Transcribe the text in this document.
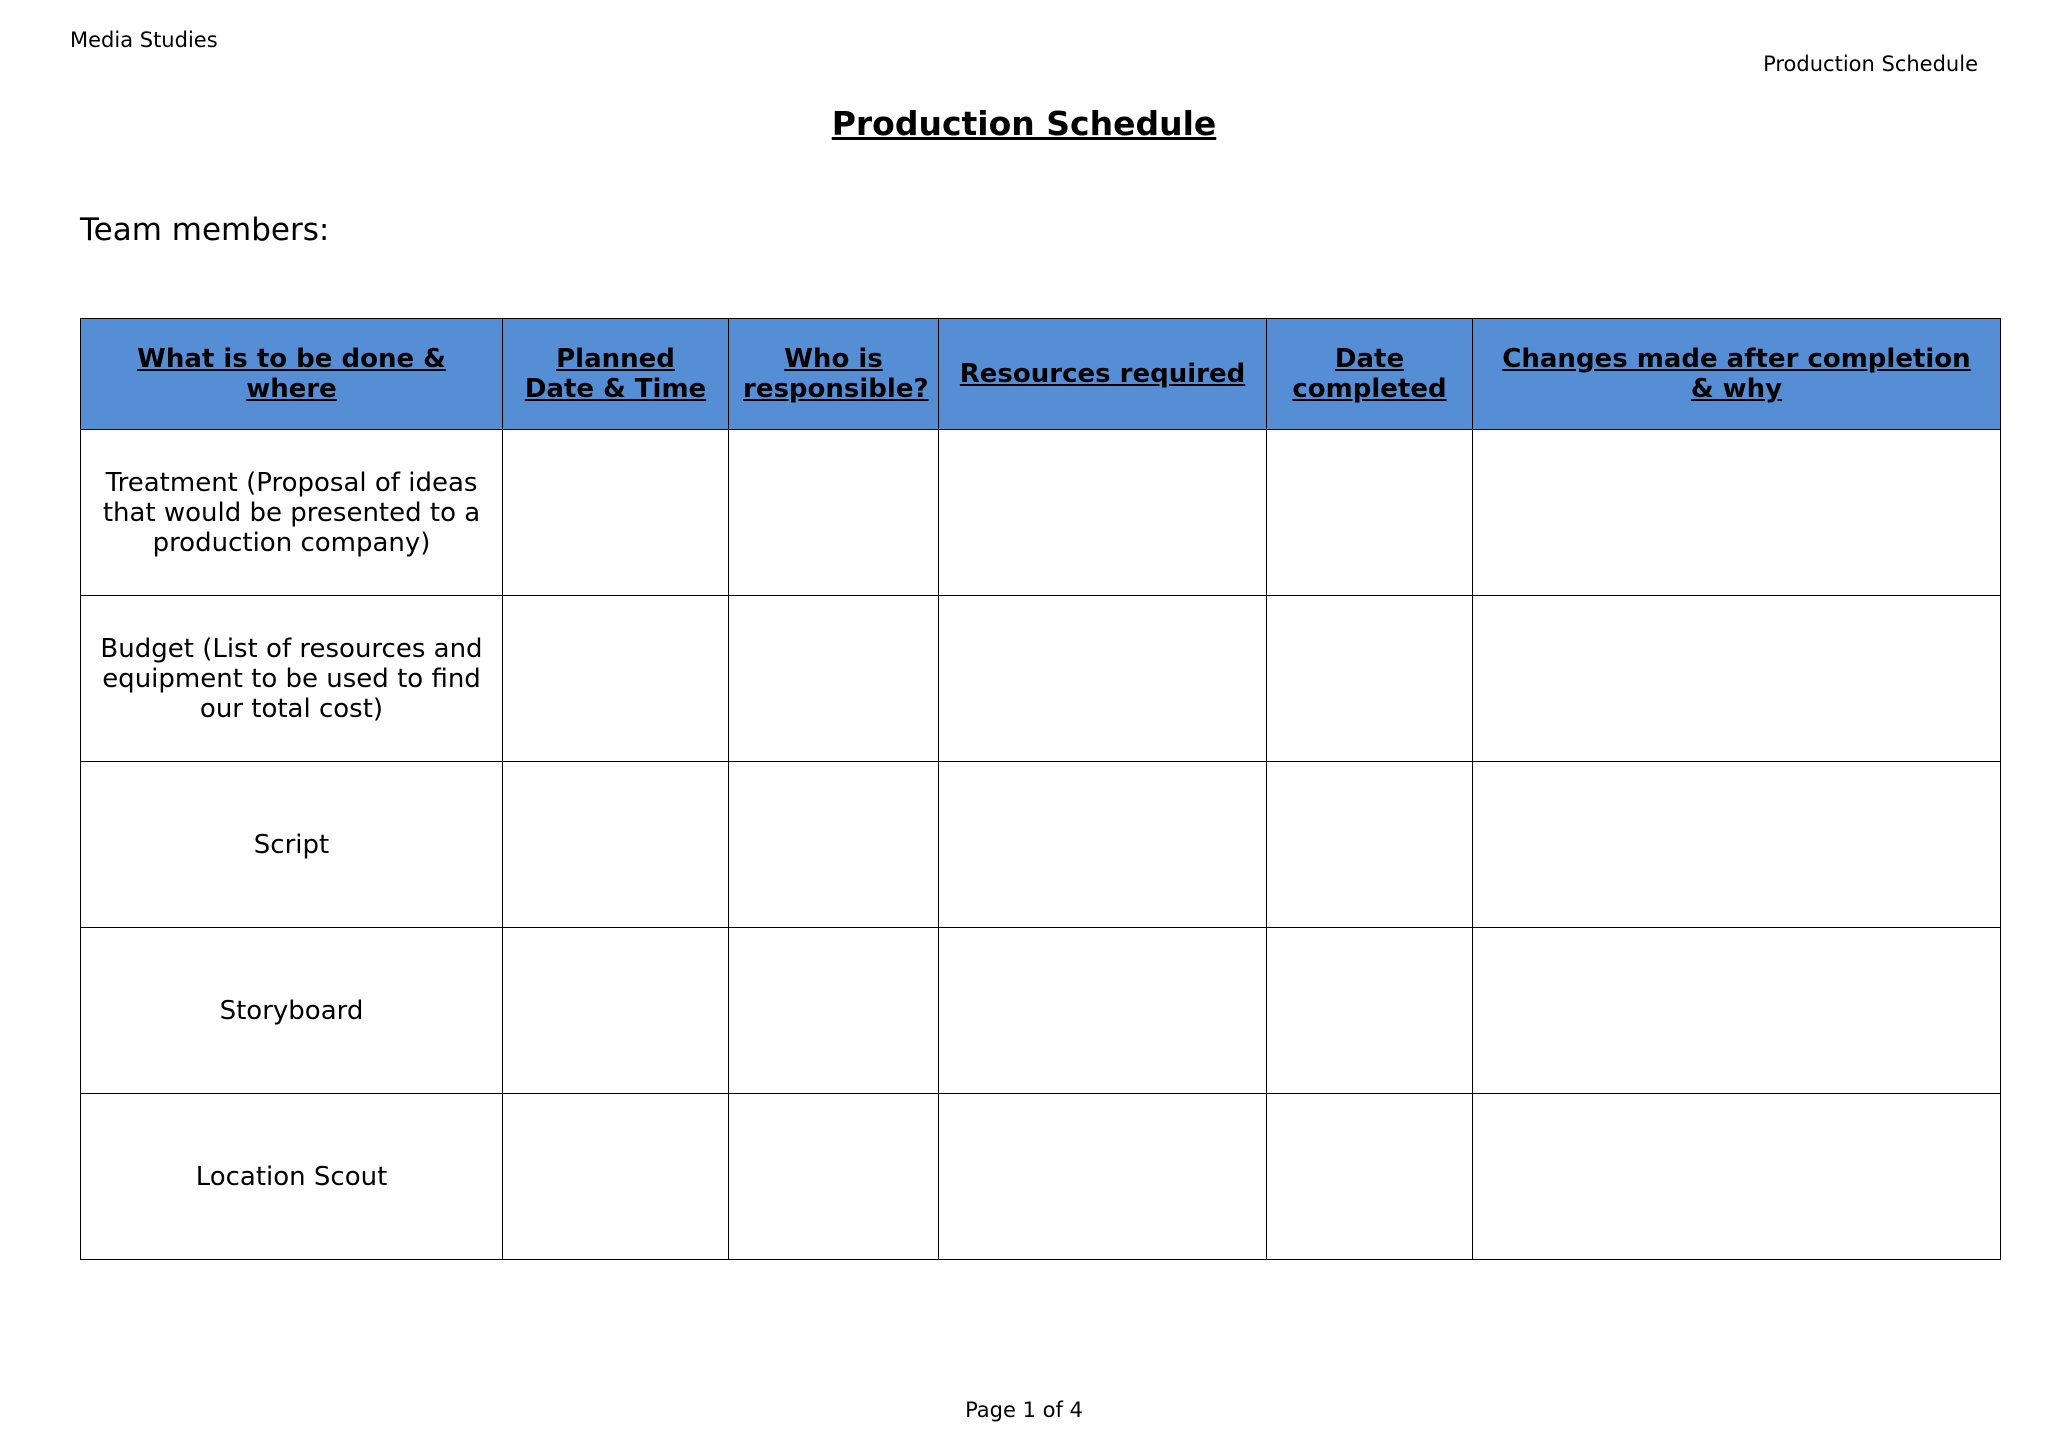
Media Studies
Production Schedule
Production Schedule
Team members:
What is to be done & where	Planned Date & Time	Who is responsible?	Resources required	Date completed	Changes made after completion & why
Treatment (Proposal of ideas that would be presented to a production company)					
Budget (List of resources and equipment to be used to find our total cost)					
Script					
Storyboard					
Location Scout					
Page 1 of 4
